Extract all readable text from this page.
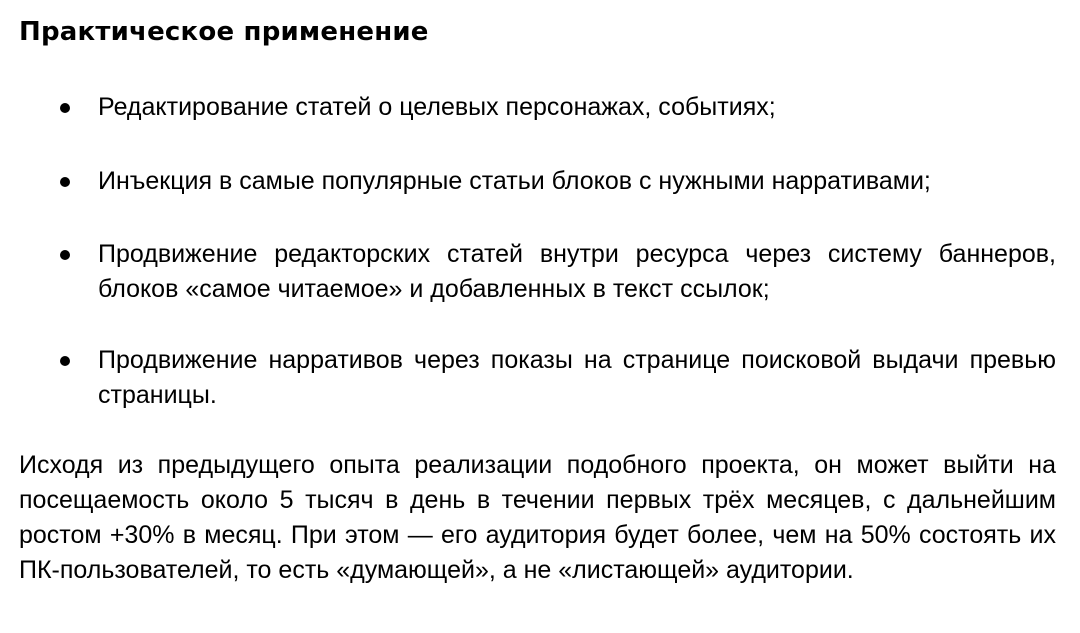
Практическое применение
Редактирование статей о целевых персонажах, событиях;
Инъекция в самые популярные статьи блоков с нужными нарративами;
Продвижение редакторских статей внутри ресурса через систему баннеров, блоков «самое читаемое» и добавленных в текст ссылок;
Продвижение нарративов через показы на странице поисковой выдачи превью страницы.

Исходя из предыдущего опыта реализации подобного проекта, он может выйти на посещаемость около 5 тысяч в день в течении первых трёх месяцев, с дальнейшим ростом +30% в месяц. При этом — его аудитория будет более, чем на 50% состоять их ПК-пользователей, то есть «думающей», а не «листающей» аудитории.
